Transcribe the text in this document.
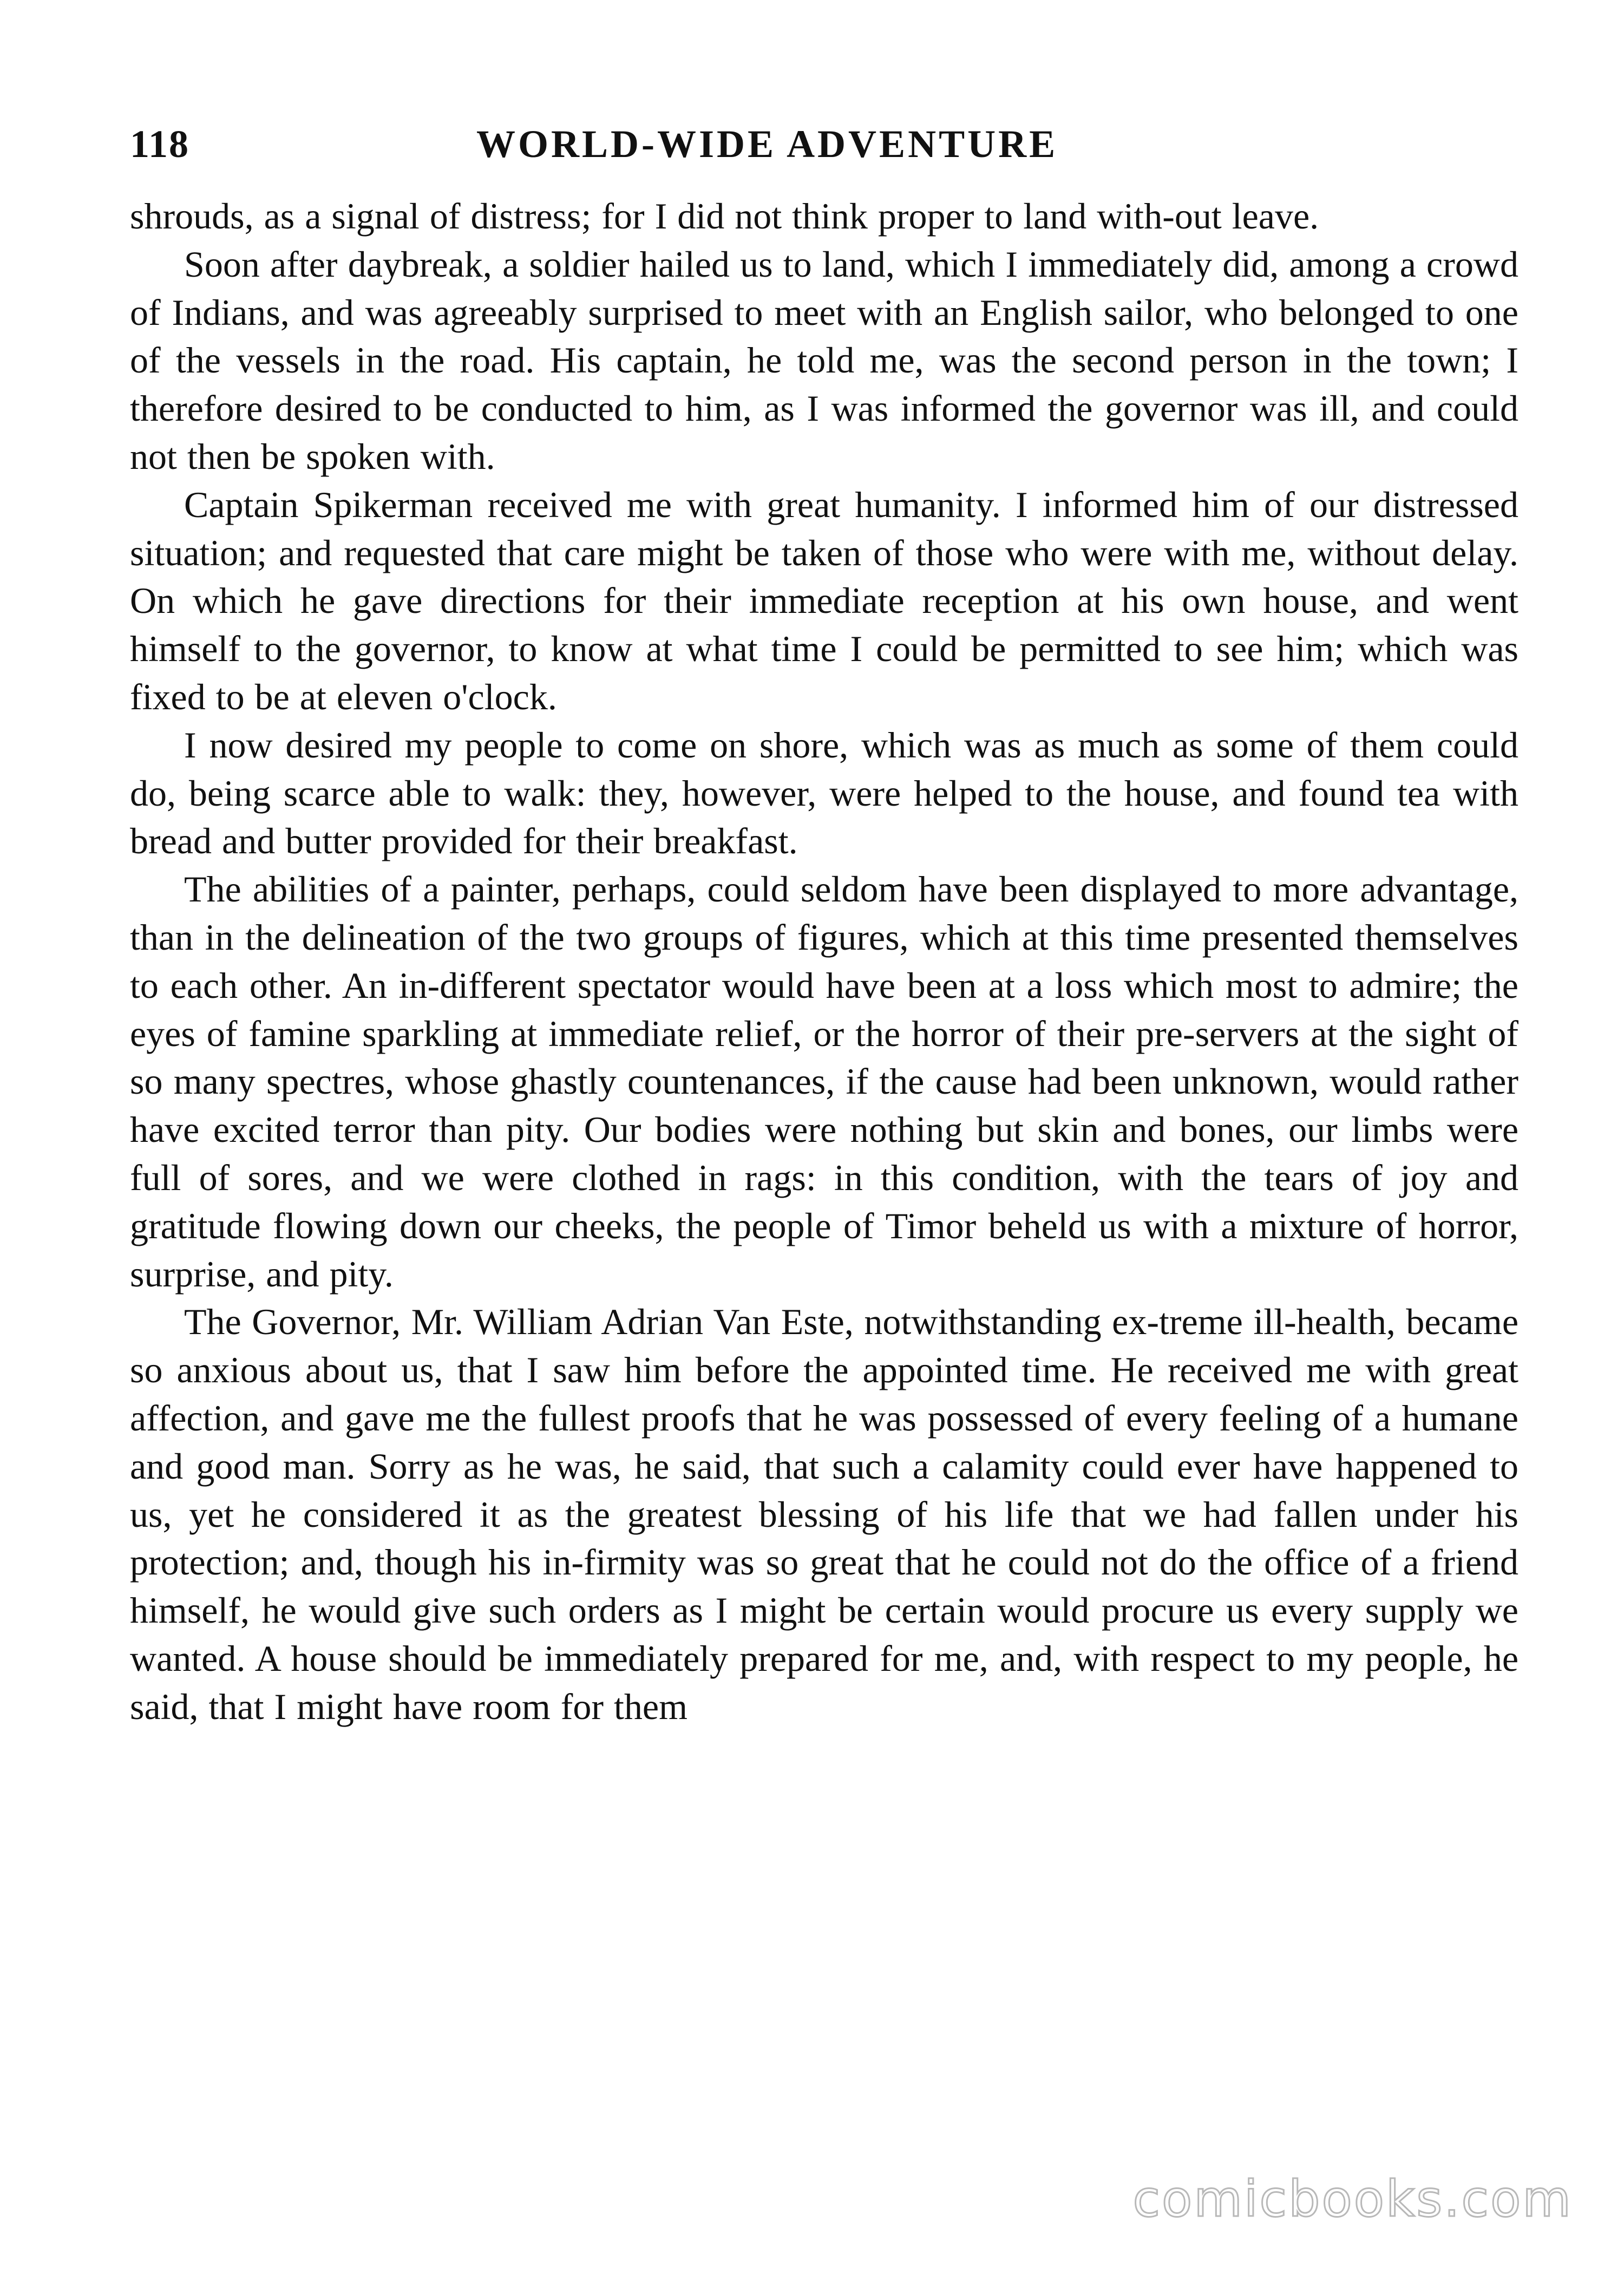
118	WORLD-WIDE ADVENTURE

shrouds, as a signal of distress; for I did not think proper to land with-out leave.

Soon after daybreak, a soldier hailed us to land, which I immediately did, among a crowd of Indians, and was agreeably surprised to meet with an English sailor, who belonged to one of the vessels in the road. His captain, he told me, was the second person in the town; I therefore desired to be conducted to him, as I was informed the governor was ill, and could not then be spoken with.

Captain Spikerman received me with great humanity. I informed him of our distressed situation; and requested that care might be taken of those who were with me, without delay. On which he gave directions for their immediate reception at his own house, and went himself to the governor, to know at what time I could be permitted to see him; which was fixed to be at eleven o'clock.

I now desired my people to come on shore, which was as much as some of them could do, being scarce able to walk: they, however, were helped to the house, and found tea with bread and butter provided for their breakfast.

The abilities of a painter, perhaps, could seldom have been displayed to more advantage, than in the delineation of the two groups of figures, which at this time presented themselves to each other. An in-different spectator would have been at a loss which most to admire; the eyes of famine sparkling at immediate relief, or the horror of their pre-servers at the sight of so many spectres, whose ghastly countenances, if the cause had been unknown, would rather have excited terror than pity. Our bodies were nothing but skin and bones, our limbs were full of sores, and we were clothed in rags: in this condition, with the tears of joy and gratitude flowing down our cheeks, the people of Timor beheld us with a mixture of horror, surprise, and pity.

The Governor, Mr. William Adrian Van Este, notwithstanding ex-treme ill-health, became so anxious about us, that I saw him before the appointed time. He received me with great affection, and gave me the fullest proofs that he was possessed of every feeling of a humane and good man. Sorry as he was, he said, that such a calamity could ever have happened to us, yet he considered it as the greatest blessing of his life that we had fallen under his protection; and, though his in-firmity was so great that he could not do the office of a friend himself, he would give such orders as I might be certain would procure us every supply we wanted. A house should be immediately prepared for me, and, with respect to my people, he said, that I might have room for them

comicbooks.com
